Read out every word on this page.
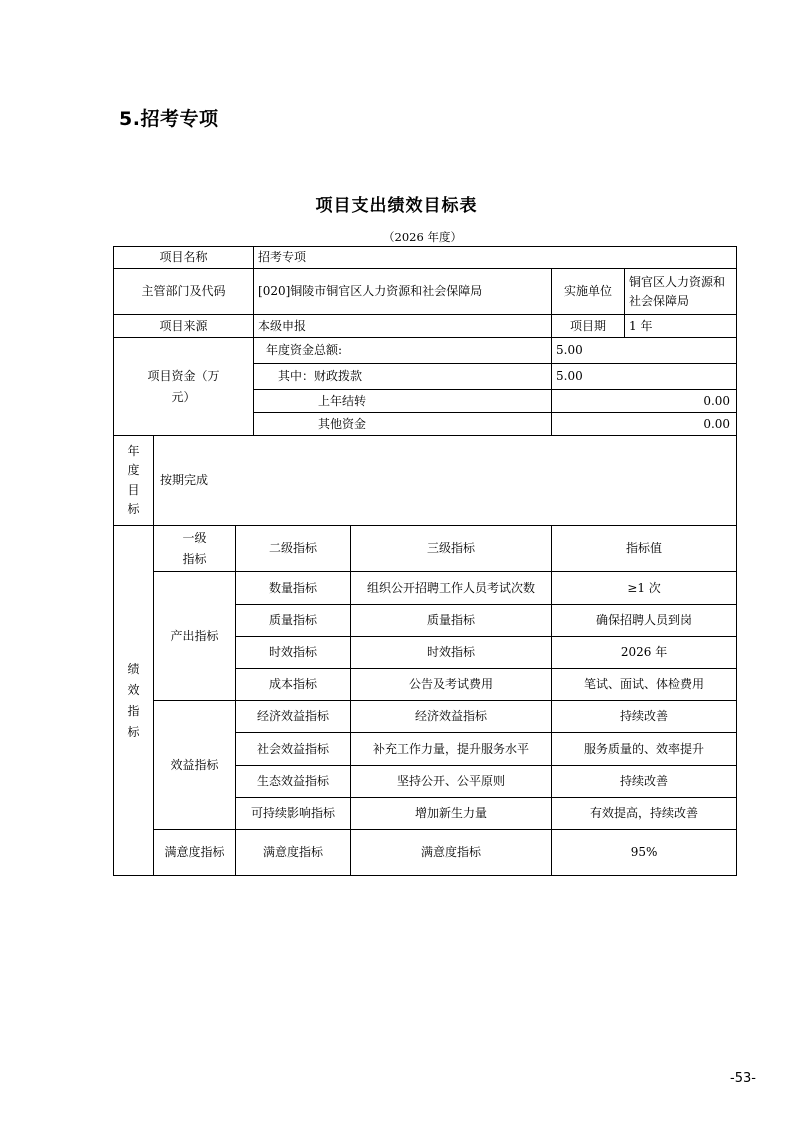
5.招考专项
项目支出绩效目标表
（2026 年度）
项目名称			招考专项			
主管部门及代码			[020]铜陵市铜官区人力资源和社会保障局		实施单位	铜官区人力资源和社会保障局
项目来源			本级申报		项目期	1 年

项目资金（万元）			年度资金总额:		5.00	
			其中：财政拨款		5.00	
			上年结转		0.00	
			其他资金		0.00	

年度目标	按期完成					

绩效指标	一级指标	二级指标		三级指标	指标值	
	产出指标	数量指标		组织公开招聘工作人员考试次数	≥1 次	
		质量指标		质量指标	确保招聘人员到岗	
		时效指标		时效指标	2026 年	
		成本指标		公告及考试费用	笔试、面试、体检费用	
	效益指标	经济效益指标		经济效益指标	持续改善	
		社会效益指标		补充工作力量，提升服务水平	服务质量的、效率提升	
		生态效益指标		坚持公开、公平原则	持续改善	
		可持续影响指标		增加新生力量	有效提高，持续改善	

	满意度指标	满意度指标		满意度指标	95%	
-53-
